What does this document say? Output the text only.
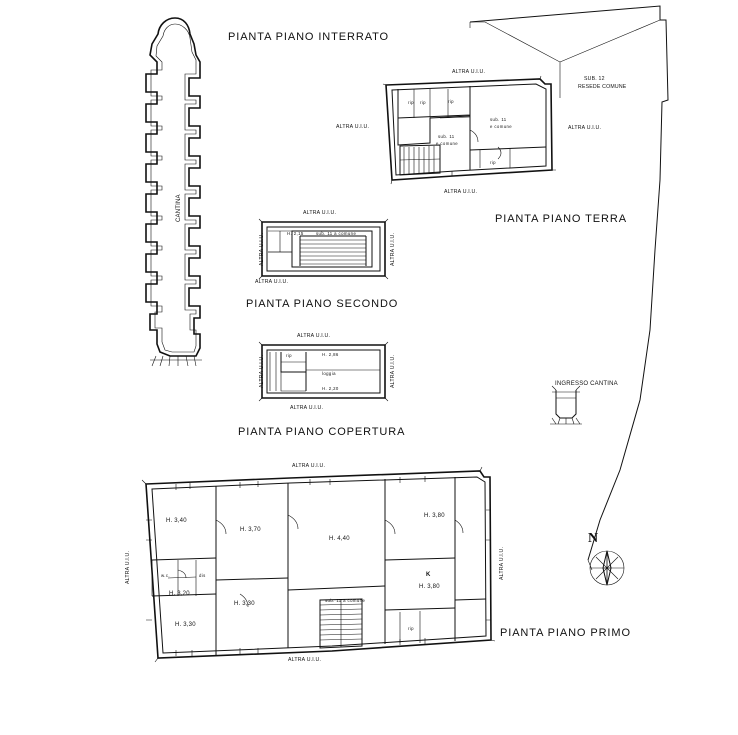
PIANTA PIANO INTERRATO
PIANTA PIANO TERRA
PIANTA PIANO SECONDO
PIANTA PIANO COPERTURA
PIANTA PIANO PRIMO
CANTINA
SUB. 12
RESEDE COMUNE
INGRESSO CANTINA
ALTRA U.I.U.
ALTRA U.I.U.	ALTRA U.I.U.
ALTRA U.I.U.
rip	rip
rip
sub. 11
e comune
sub. 11
e comune
rip
ALTRA U.I.U.
ALTRA U.I.U.	ALTRA U.I.U.
ALTRA U.I.U.
H. 2,15	sub. 11 a comune
ALTRA U.I.U.
ALTRA U.I.U.	ALTRA U.I.U.
ALTRA U.I.U.
rip	H. 2,86
loggia
H. 2,20
ALTRA U.I.U.
ALTRA U.I.U.	ALTRA U.I.U.
ALTRA U.I.U.
H. 3,40
H. 3,70
H. 4,40
H. 3,80
H. 3,80
K
w.c.	dis
H. 3,20
H. 3,30
H. 3,30
sub. 11 a comune
rip
N
